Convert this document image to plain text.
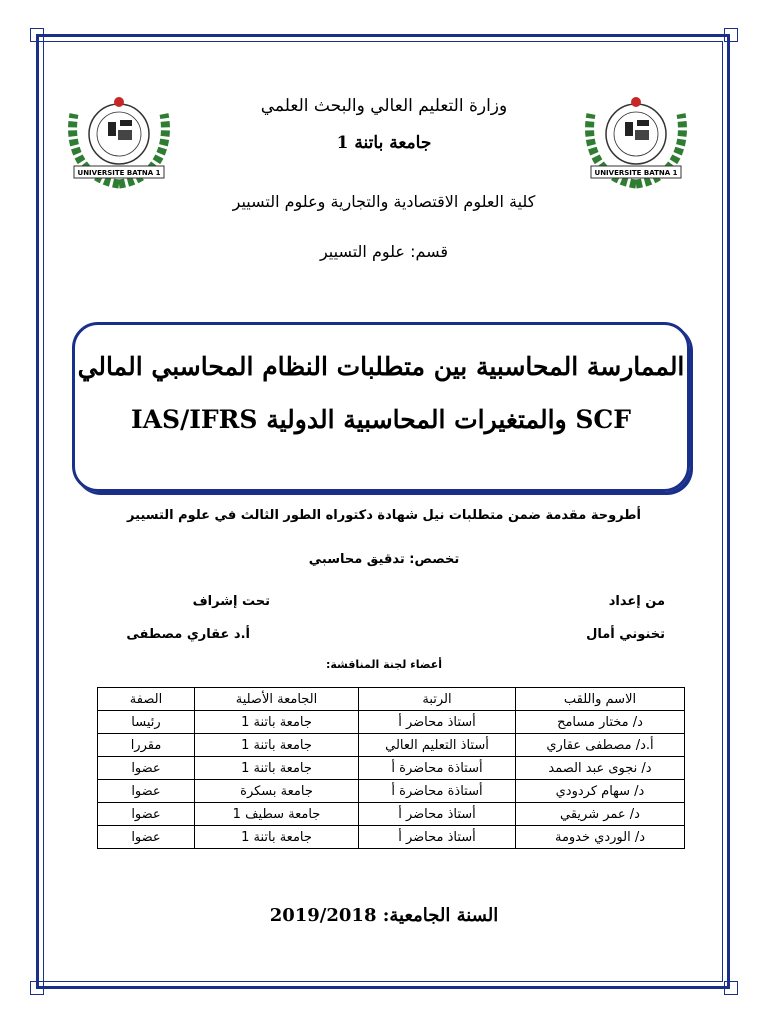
UNIVERSITE BATNA 1	UNIVERSITE BATNA 1
وزارة التعليم العالي والبحث العلمي
جامعة باتنة 1
كلية العلوم الاقتصادية والتجارية وعلوم التسيير
قسم: علوم التسيير
الممارسة المحاسبية بين متطلبات النظام المحاسبي المالي
SCF والمتغيرات المحاسبية الدولية IAS/IFRS
أطروحة مقدمة ضمن متطلبات نيل شهادة دكتوراه الطور الثالث في علوم التسيير
تخصص: تدقيق محاسبي
من إعداد
تحت إشراف
تخنوني أمال
أ.د عقاري مصطفى
أعضاء لجنة المناقشة:
الاسم واللقب	الرتبة	الجامعة الأصلية	الصفة
د/ مختار مسامح	أستاذ محاضر أ	جامعة باتنة 1	رئيسا
أ.د/ مصطفى عقاري	أستاذ التعليم العالي	جامعة باتنة 1	مقررا
د/ نجوى عبد الصمد	أستاذة محاضرة أ	جامعة باتنة 1	عضوا
د/ سهام كردودي	أستاذة محاضرة أ	جامعة بسكرة	عضوا
د/ عمر شريقي	أستاذ محاضر أ	جامعة سطيف 1	عضوا
د/ الوردي خدومة	أستاذ محاضر أ	جامعة باتنة 1	عضوا
السنة الجامعية: 2019/2018
